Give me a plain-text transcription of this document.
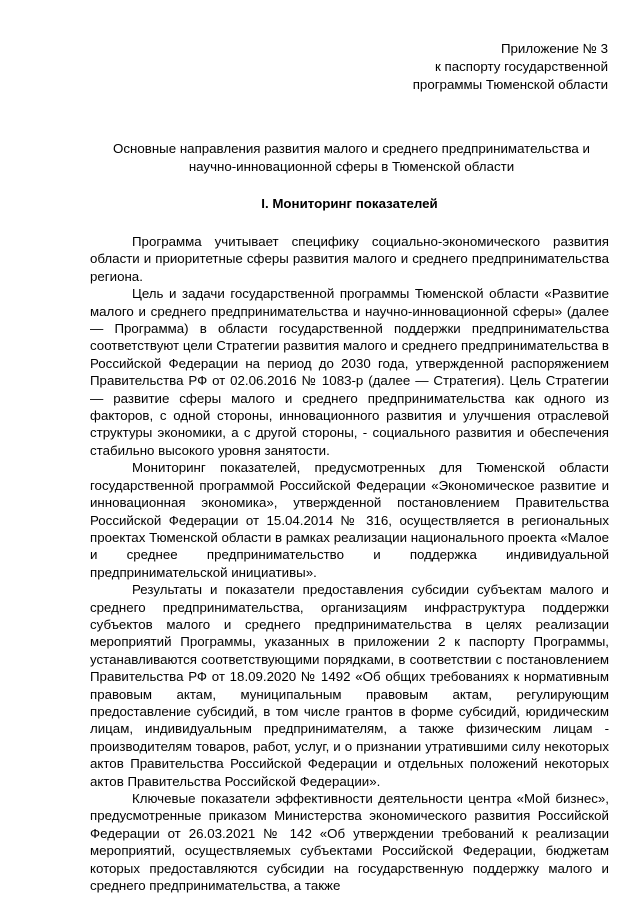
Приложение № 3
к паспорту государственной
программы Тюменской области
Основные направления развития малого и среднего предпринимательства и
научно-инновационной сферы в Тюменской области
I. Мониторинг показателей

Программа учитывает специфику социально-экономического развития области и приоритетные сферы развития малого и среднего предпринимательства региона.

Цель и задачи государственной программы Тюменской области «Развитие малого и среднего предпринимательства и научно-инновационной сферы» (далее — Программа) в области государственной поддержки предпринимательства соответствуют цели Стратегии развития малого и среднего предпринимательства в Российской Федерации на период до 2030 года, утвержденной распоряжением Правительства РФ от 02.06.2016 № 1083-р (далее — Стратегия). Цель Стратегии — развитие сферы малого и среднего предпринимательства как одного из факторов, с одной стороны, инновационного развития и улучшения отраслевой структуры экономики, а с другой стороны, - социального развития и обеспечения стабильно высокого уровня занятости.

Мониторинг показателей, предусмотренных для Тюменской области государственной программой Российской Федерации «Экономическое развитие и инновационная экономика», утвержденной постановлением Правительства Российской Федерации от 15.04.2014 № 316, осуществляется в региональных проектах Тюменской области в рамках реализации национального проекта «Малое и среднее предпринимательство и поддержка индивидуальной предпринимательской инициативы».

Результаты и показатели предоставления субсидии субъектам малого и среднего предпринимательства, организациям инфраструктура поддержки субъектов малого и среднего предпринимательства в целях реализации мероприятий Программы, указанных в приложении 2 к паспорту Программы, устанавливаются соответствующими порядками, в соответствии с постановлением Правительства РФ от 18.09.2020 № 1492 «Об общих требованиях к нормативным правовым актам, муниципальным правовым актам, регулирующим предоставление субсидий, в том числе грантов в форме субсидий, юридическим лицам, индивидуальным предпринимателям, а также физическим лицам - производителям товаров, работ, услуг, и о признании утратившими силу некоторых актов Правительства Российской Федерации и отдельных положений некоторых актов Правительства Российской Федерации».

Ключевые показатели эффективности деятельности центра «Мой бизнес», предусмотренные приказом Министерства экономического развития Российской Федерации от 26.03.2021 № 142 «Об утверждении требований к реализации мероприятий, осуществляемых субъектами Российской Федерации, бюджетам которых предоставляются субсидии на государственную поддержку малого и среднего предпринимательства, а также
